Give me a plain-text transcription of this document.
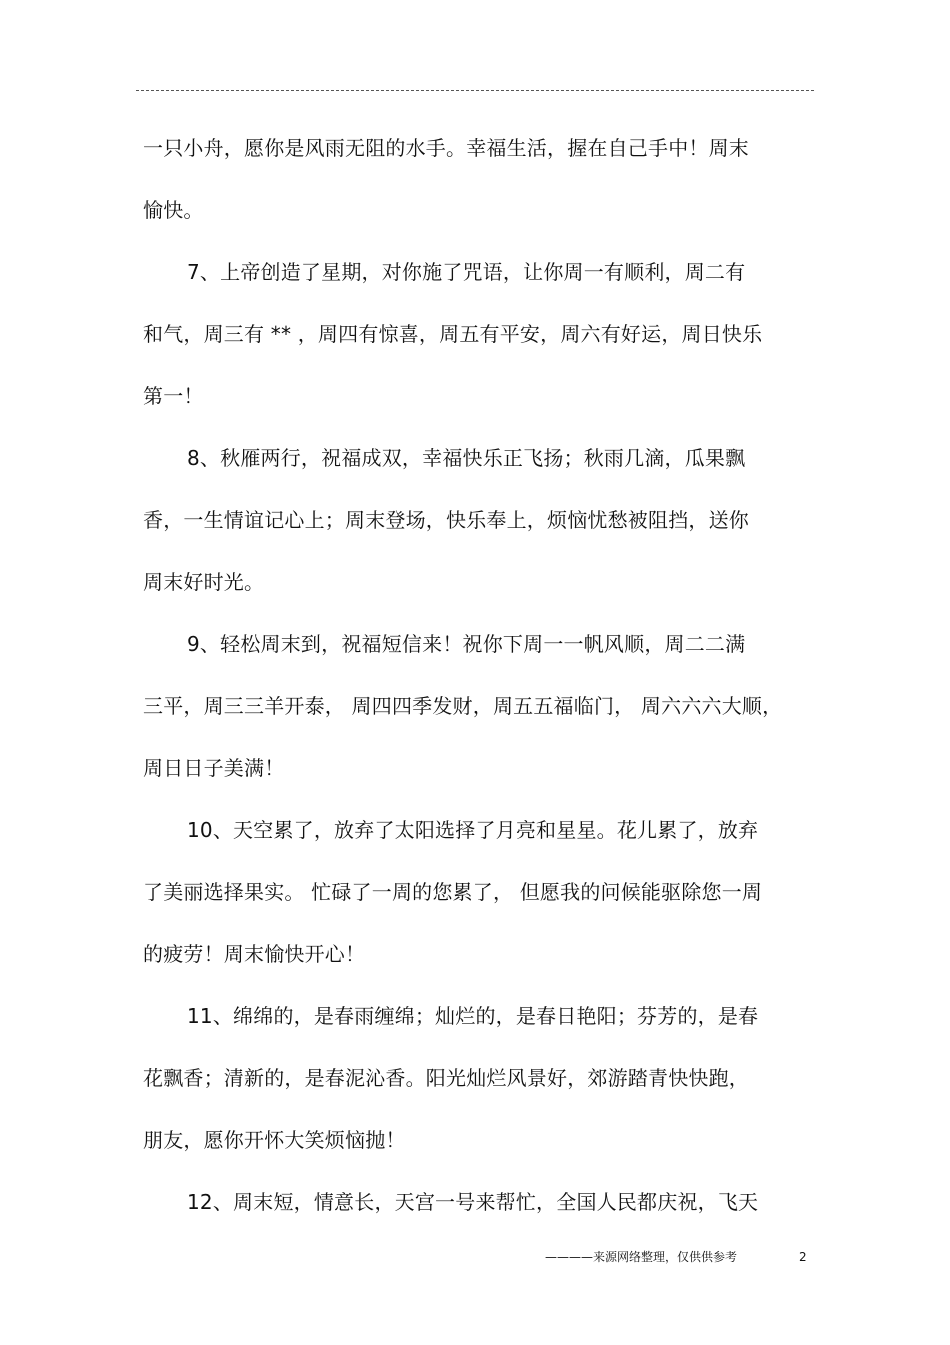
一只小舟，愿你是风雨无阻的水手。幸福生活，握在自己手中！周末
愉快。
7、上帝创造了星期，对你施了咒语，让你周一有顺利，周二有
和气，周三有 ** ，周四有惊喜，周五有平安，周六有好运，周日快乐
第一！
8、秋雁两行，祝福成双，幸福快乐正飞扬；秋雨几滴，瓜果飘
香，一生情谊记心上；周末登场，快乐奉上，烦恼忧愁被阻挡，送你
周末好时光。
9、轻松周末到，祝福短信来！祝你下周一一帆风顺，周二二满
三平，周三三羊开泰， 周四四季发财，周五五福临门， 周六六六大顺，
周日日子美满！
10、天空累了，放弃了太阳选择了月亮和星星。花儿累了，放弃
了美丽选择果实。 忙碌了一周的您累了， 但愿我的问候能驱除您一周
的疲劳！周末愉快开心！
11、绵绵的，是春雨缠绵；灿烂的，是春日艳阳；芬芳的，是春
花飘香；清新的，是春泥沁香。阳光灿烂风景好，郊游踏青快快跑，
朋友，愿你开怀大笑烦恼抛！
12、周末短，情意长，天宫一号来帮忙，全国人民都庆祝，飞天
————来源网络整理，仅供供参考	2
